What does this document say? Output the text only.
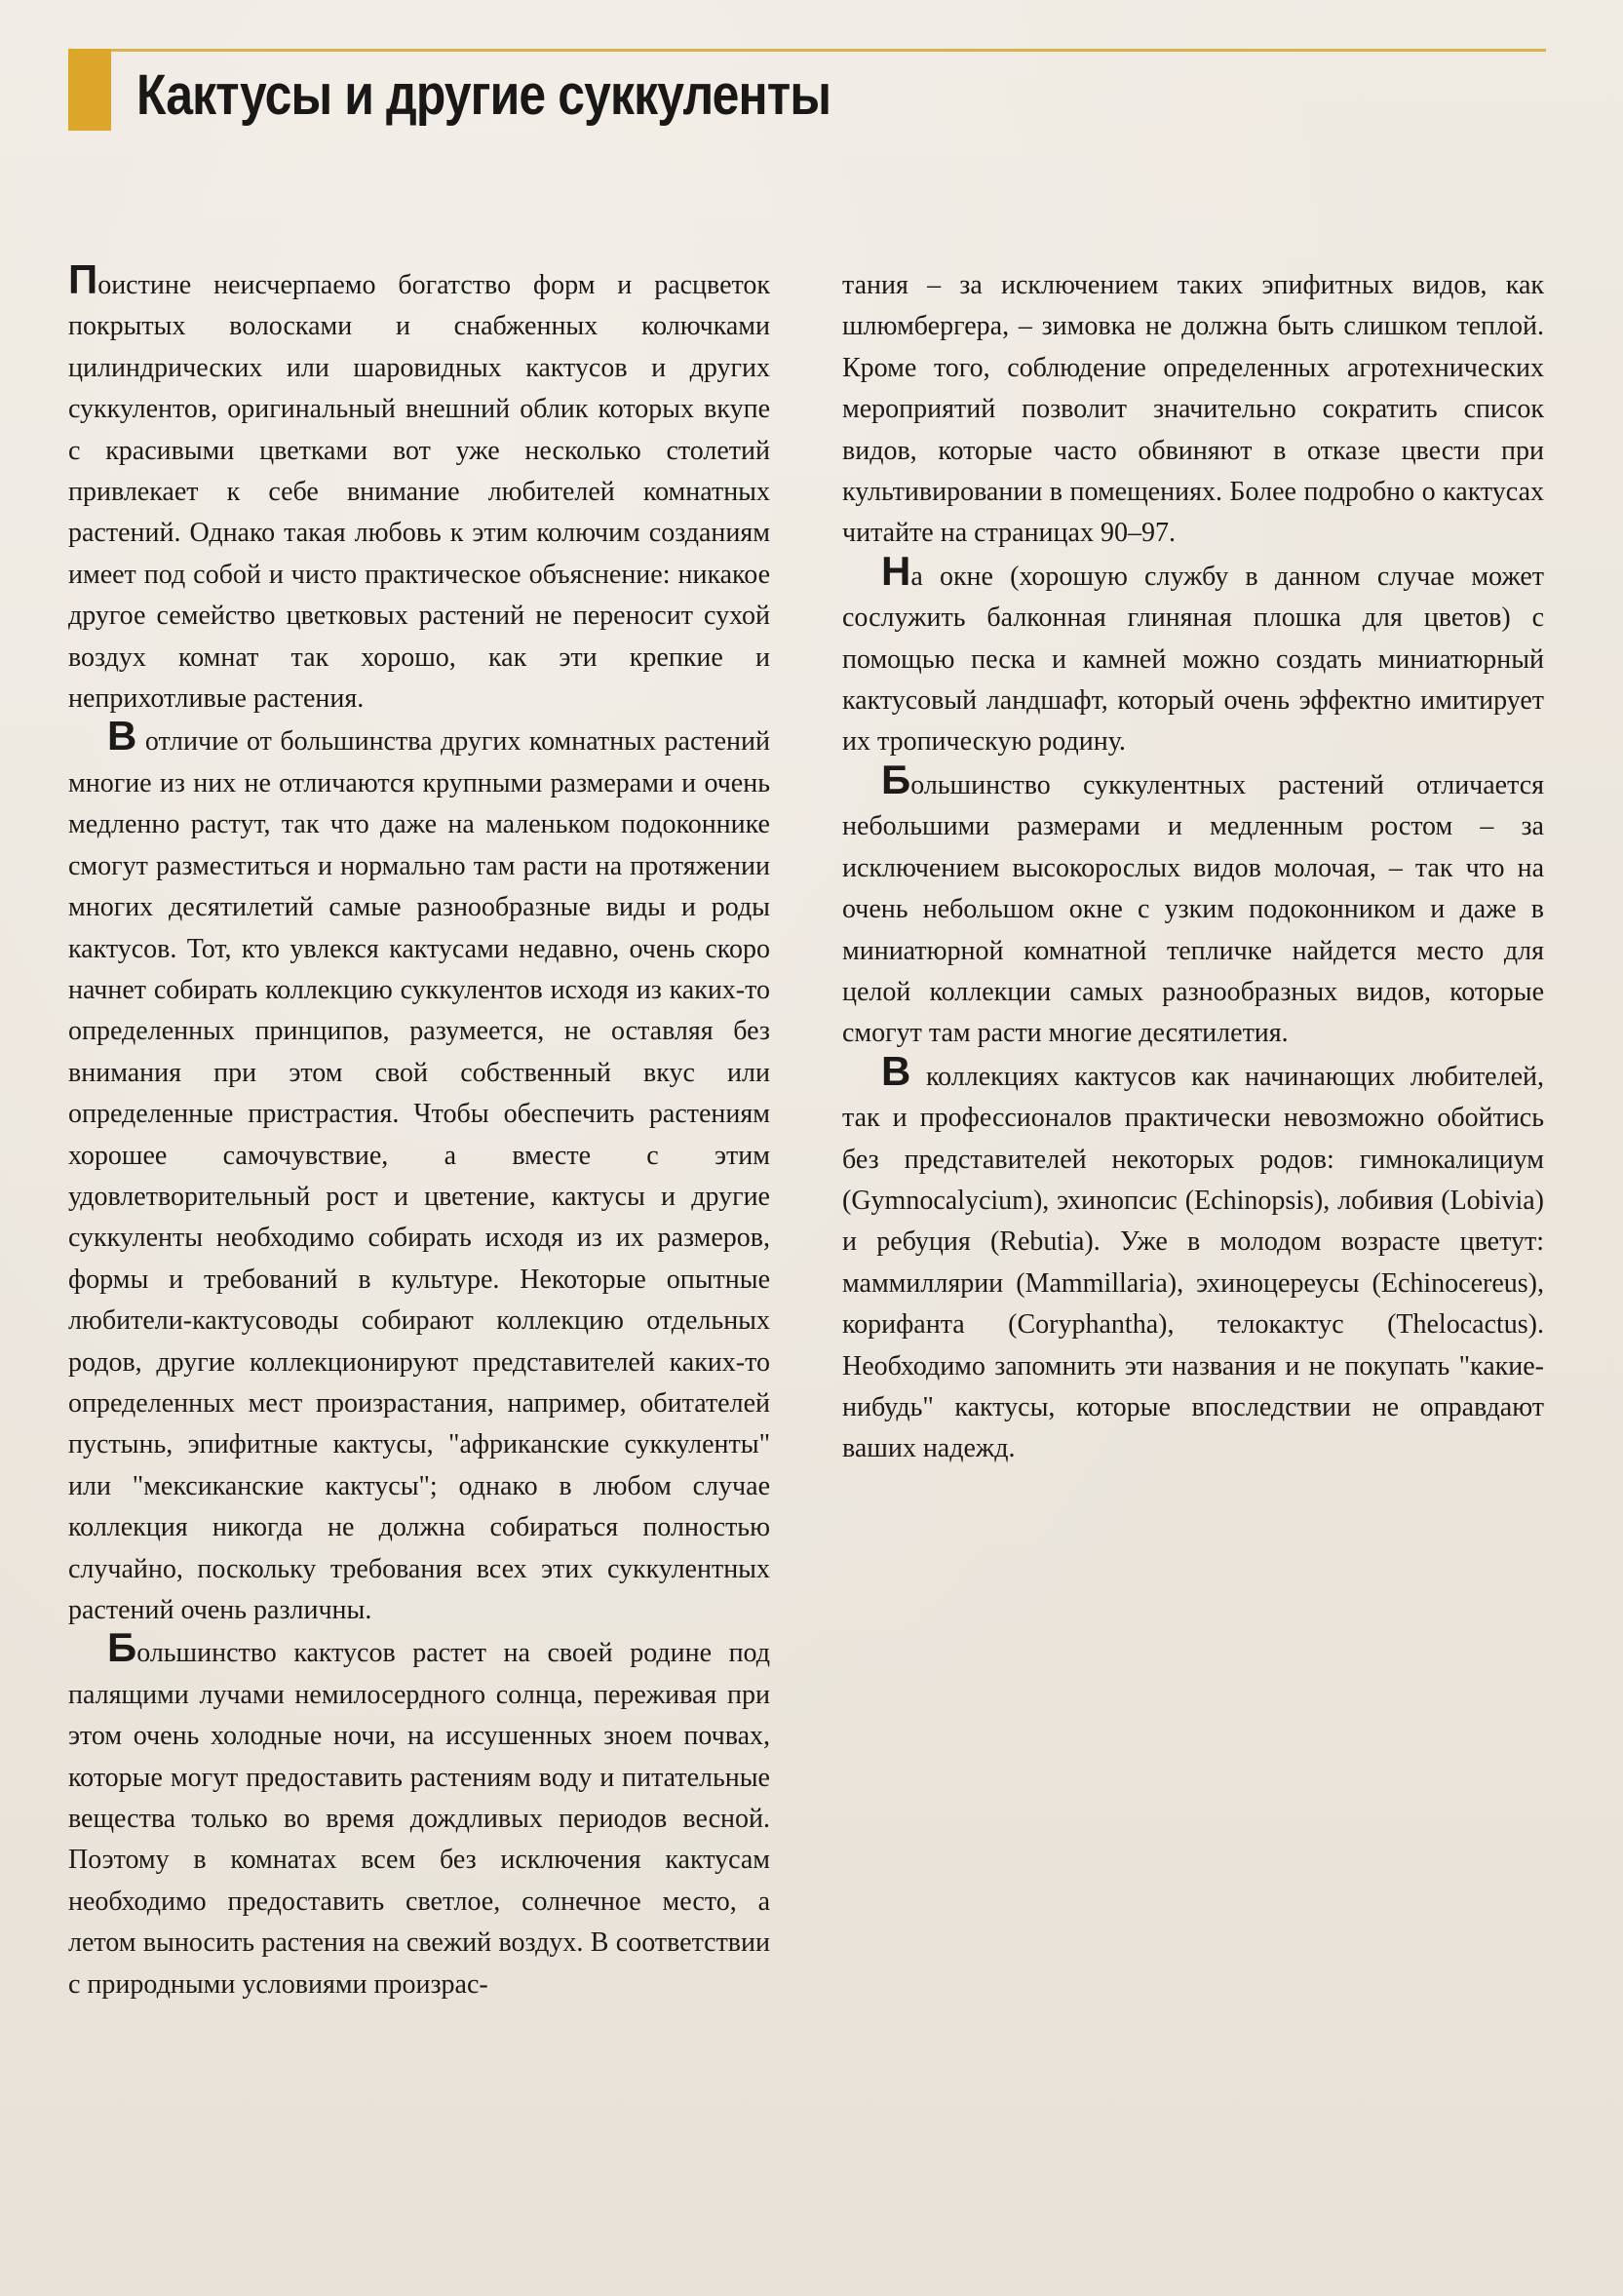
Кактусы и другие суккуленты

Поистине неисчерпаемо богатство форм и расцветок покрытых волосками и снабженных колючками цилиндрических или шаровидных кактусов и других суккулентов, оригинальный внешний облик которых вкупе с красивыми цветками вот уже несколько столетий привлекает к себе внимание любителей комнатных растений. Однако такая любовь к этим колючим созданиям имеет под собой и чисто практическое объяснение: никакое другое семейство цветковых растений не переносит сухой воздух комнат так хорошо, как эти крепкие и неприхотливые растения.

В отличие от большинства других комнатных растений многие из них не отличаются крупными размерами и очень медленно растут, так что даже на маленьком подоконнике смогут разместиться и нормально там расти на протяжении многих десятилетий самые разнообразные виды и роды кактусов. Тот, кто увлекся кактусами недавно, очень скоро начнет собирать коллекцию суккулентов исходя из каких-то определенных принципов, разумеется, не оставляя без внимания при этом свой собственный вкус или определенные пристрастия. Чтобы обеспечить растениям хорошее самочувствие, а вместе с этим удовлетворительный рост и цветение, кактусы и другие суккуленты необходимо собирать исходя из их размеров, формы и требований в культуре. Некоторые опытные любители-кактусоводы собирают коллекцию отдельных родов, другие коллекционируют представителей каких-то определенных мест произрастания, например, обитателей пустынь, эпифитные кактусы, "африканские суккуленты" или "мексиканские кактусы"; однако в любом случае коллекция никогда не должна собираться полностью случайно, поскольку требования всех этих суккулентных растений очень различны.

Большинство кактусов растет на своей родине под палящими лучами немилосердного солнца, переживая при этом очень холодные ночи, на иссушенных зноем почвах, которые могут предоставить растениям воду и питательные вещества только во время дождливых периодов весной. Поэтому в комнатах всем без исключения кактусам необходимо предоставить светлое, солнечное место, а летом выносить растения на свежий воздух. В соответствии с природными условиями произрас-

тания – за исключением таких эпифитных видов, как шлюмбергера, – зимовка не должна быть слишком теплой. Кроме того, соблюдение определенных агротехнических мероприятий позволит значительно сократить список видов, которые часто обвиняют в отказе цвести при культивировании в помещениях. Более подробно о кактусах читайте на страницах 90–97.

На окне (хорошую службу в данном случае может сослужить балконная глиняная плошка для цветов) с помощью песка и камней можно создать миниатюрный кактусовый ландшафт, который очень эффектно имитирует их тропическую родину.

Большинство суккулентных растений отличается небольшими размерами и медленным ростом – за исключением высокорослых видов молочая, – так что на очень небольшом окне с узким подоконником и даже в миниатюрной комнатной тепличке найдется место для целой коллекции самых разнообразных видов, которые смогут там расти многие десятилетия.

В коллекциях кактусов как начинающих любителей, так и профессионалов практически невозможно обойтись без представителей некоторых родов: гимнокалициум (Gymnocalycium), эхинопсис (Echinopsis), лобивия (Lobivia) и ребуция (Rebutia). Уже в молодом возрасте цветут: маммиллярии (Mammillaria), эхиноцереусы (Echinocereus), корифанта (Coryphantha), телокактус (Thelocactus). Необходимо запомнить эти названия и не покупать "какие-нибудь" кактусы, которые впоследствии не оправдают ваших надежд.
